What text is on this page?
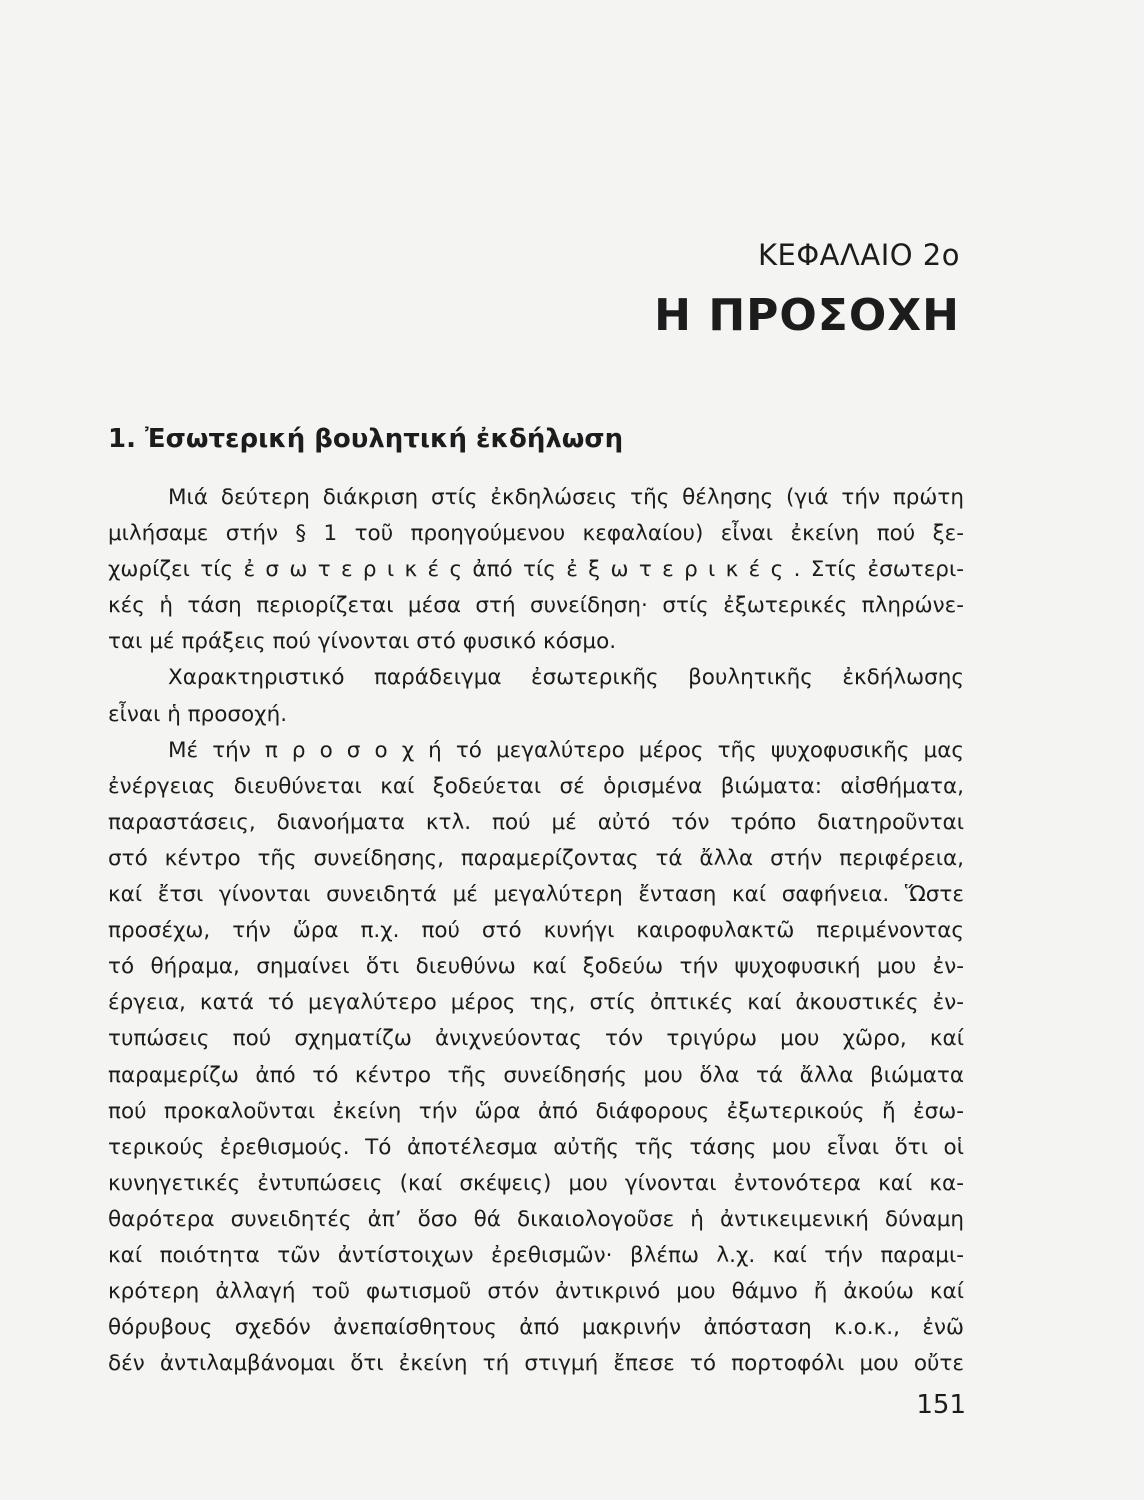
ΚΕΦΑΛΑΙΟ 2ο
Η ΠΡΟΣΟΧΗ
1. Ἐσωτερική βουλητική ἐκδήλωση
Μιά δεύτερη διάκριση στίς ἐκδηλώσεις τῆς θέλησης (γιά τήν πρώτη
μιλήσαμε στήν § 1 τοῦ προηγούμενου κεφαλαίου) εἶναι ἐκείνη πού ξε-
χωρίζει τίς ἐ σ ω τ ε ρ ι κ έ ς ἀπό τίς ἐ ξ ω τ ε ρ ι κ έ ς . Στίς ἐσωτερι-
κές ἡ τάση περιορίζεται μέσα στή συνείδηση· στίς ἐξωτερικές πληρώνε-
ται μέ πράξεις πού γίνονται στό φυσικό κόσμο.
Χαρακτηριστικό παράδειγμα ἐσωτερικῆς βουλητικῆς ἐκδήλωσης
εἶναι ἡ προσοχή.
Μέ τήν π ρ ο σ ο χ ή τό μεγαλύτερο μέρος τῆς ψυχοφυσικῆς μας
ἐνέργειας διευθύνεται καί ξοδεύεται σέ ὁρισμένα βιώματα: αἰσθήματα,
παραστάσεις, διανοήματα κτλ. πού μέ αὐτό τόν τρόπο διατηροῦνται
στό κέντρο τῆς συνείδησης, παραμερίζοντας τά ἄλλα στήν περιφέρεια,
καί ἔτσι γίνονται συνειδητά μέ μεγαλύτερη ἔνταση καί σαφήνεια. Ὥστε
προσέχω, τήν ὥρα π.χ. πού στό κυνήγι καιροφυλακτῶ περιμένοντας
τό θήραμα, σημαίνει ὅτι διευθύνω καί ξοδεύω τήν ψυχοφυσική μου ἐν-
έργεια, κατά τό μεγαλύτερο μέρος της, στίς ὀπτικές καί ἀκουστικές ἐν-
τυπώσεις πού σχηματίζω ἀνιχνεύοντας τόν τριγύρω μου χῶρο, καί
παραμερίζω ἀπό τό κέντρο τῆς συνείδησής μου ὅλα τά ἄλλα βιώματα
πού προκαλοῦνται ἐκείνη τήν ὥρα ἀπό διάφορους ἐξωτερικούς ἤ ἐσω-
τερικούς ἐρεθισμούς. Τό ἀποτέλεσμα αὐτῆς τῆς τάσης μου εἶναι ὅτι οἱ
κυνηγετικές ἐντυπώσεις (καί σκέψεις) μου γίνονται ἐντονότερα καί κα-
θαρότερα συνειδητές ἀπ’ ὅσο θά δικαιολογοῦσε ἡ ἀντικειμενική δύναμη
καί ποιότητα τῶν ἀντίστοιχων ἐρεθισμῶν· βλέπω λ.χ. καί τήν παραμι-
κρότερη ἀλλαγή τοῦ φωτισμοῦ στόν ἀντικρινό μου θάμνο ἤ ἀκούω καί
θόρυβους σχεδόν ἀνεπαίσθητους ἀπό μακρινήν ἀπόσταση κ.ο.κ., ἐνῶ
δέν ἀντιλαμβάνομαι ὅτι ἐκείνη τή στιγμή ἔπεσε τό πορτοφόλι μου οὔτε
151
